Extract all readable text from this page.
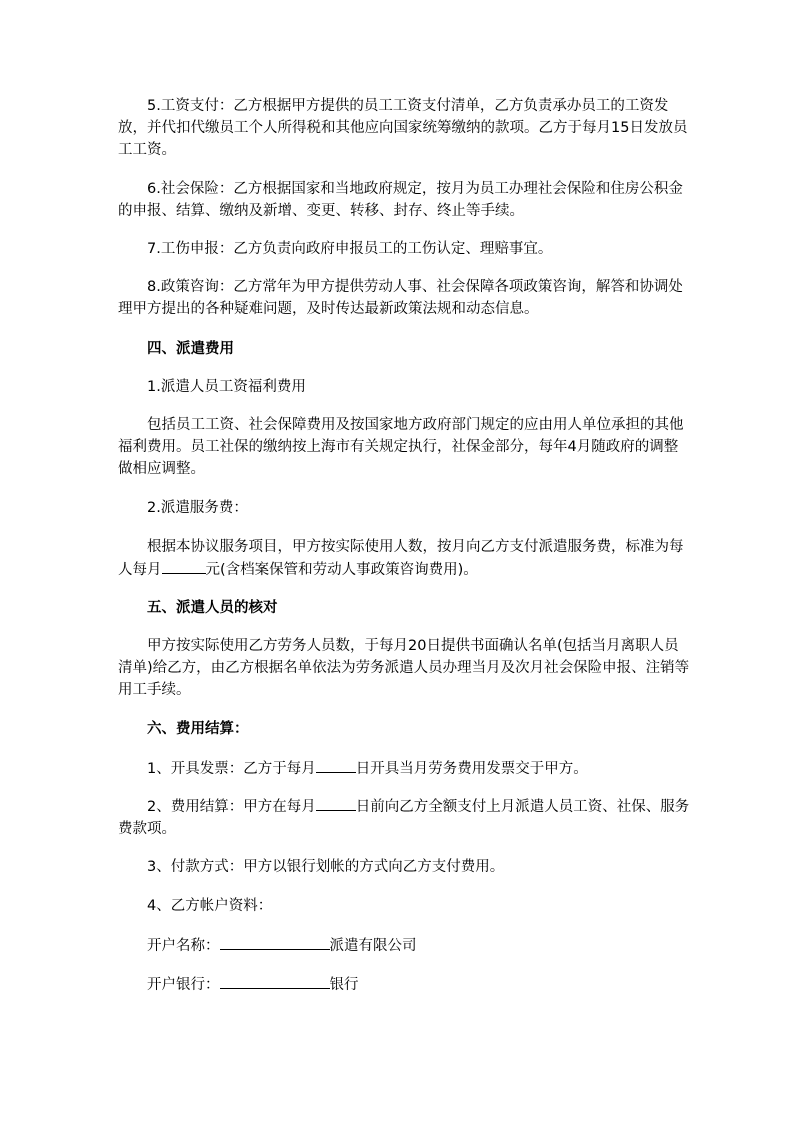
5.工资支付：乙方根据甲方提供的员工工资支付清单，乙方负责承办员工的工资发放，并代扣代缴员工个人所得税和其他应向国家统筹缴纳的款项。乙方于每月15日发放员工工资。

6.社会保险：乙方根据国家和当地政府规定，按月为员工办理社会保险和住房公积金的申报、结算、缴纳及新增、变更、转移、封存、终止等手续。

7.工伤申报：乙方负责向政府申报员工的工伤认定、理赔事宜。

8.政策咨询：乙方常年为甲方提供劳动人事、社会保障各项政策咨询，解答和协调处理甲方提出的各种疑难问题，及时传达最新政策法规和动态信息。

四、派遣费用

1.派遣人员工资福利费用

包括员工工资、社会保障费用及按国家地方政府部门规定的应由用人单位承担的其他福利费用。员工社保的缴纳按上海市有关规定执行，社保金部分，每年4月随政府的调整做相应调整。

2.派遣服务费：

根据本协议服务项目，甲方按实际使用人数，按月向乙方支付派遣服务费，标准为每人每月	元(含档案保管和劳动人事政策咨询费用)。

五、派遣人员的核对

甲方按实际使用乙方劳务人员数，于每月20日提供书面确认名单(包括当月离职人员清单)给乙方，由乙方根据名单依法为劳务派遣人员办理当月及次月社会保险申报、注销等用工手续。

六、费用结算：

1、开具发票：乙方于每月	日开具当月劳务费用发票交于甲方。

2、费用结算：甲方在每月	日前向乙方全额支付上月派遣人员工资、社保、服务费款项。

3、付款方式：甲方以银行划帐的方式向乙方支付费用。

4、乙方帐户资料：

开户名称：	派遣有限公司

开户银行：	银行
